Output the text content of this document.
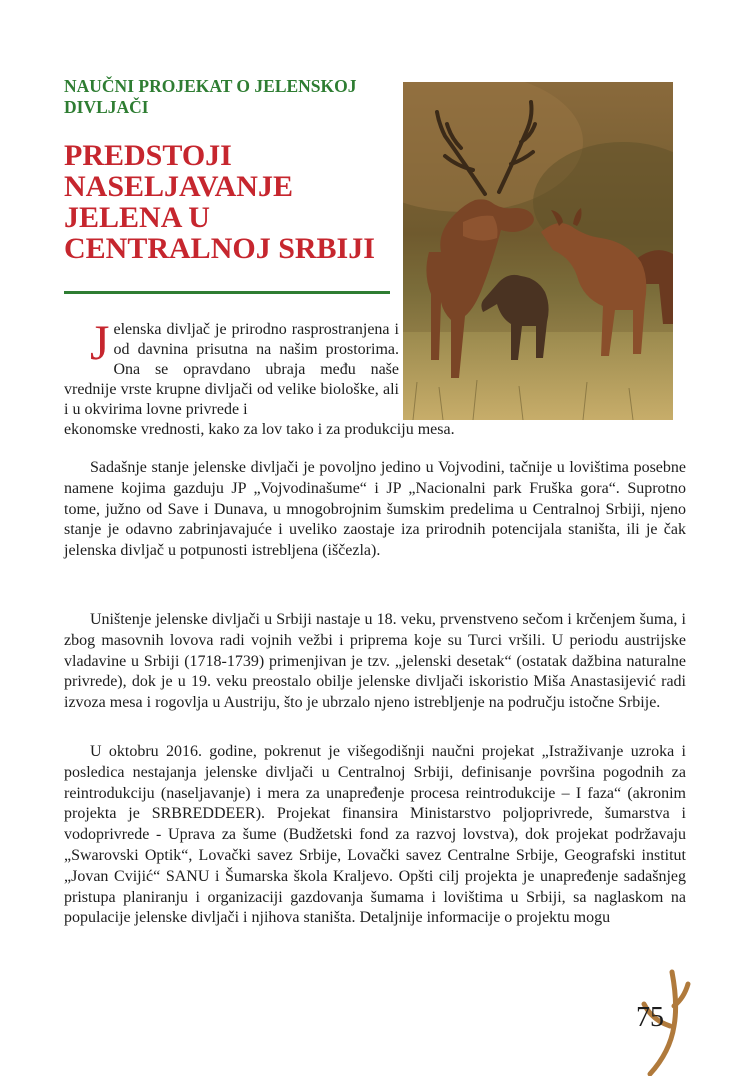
NAUČNI PROJEKAT O JELENSKOJ DIVLJAČI

PREDSTOJI NASELJAVANJE JELENA U CENTRALNOJ SRBIJI

Jelenska divljač je prirodno rasprostranjena i od davnina prisutna na našim prostorima. Ona se opravdano ubraja među naše vrednije vrste krupne divljači od velike biološke, ali i u okvirima lovne privrede i

ekonomske vrednosti, kako za lov tako i za produkciju mesa.

Sadašnje stanje jelenske divljači je povoljno jedino u Vojvodini, tačnije u lovištima posebne namene kojima gazduju JP „Vojvodinašume“ i JP „Nacionalni park Fruška gora“. Suprotno tome, južno od Save i Dunava, u mnogobrojnim šumskim predelima u Centralnoj Srbiji, njeno stanje je odavno zabrinjavajuće i uveliko zaostaje iza prirodnih potencijala staništa, ili je čak jelenska divljač u potpunosti istrebljena (iščezla).

Uništenje jelenske divljači u Srbiji nastaje u 18. veku, prvenstveno sečom i krčenjem šuma, i zbog masovnih lovova radi vojnih vežbi i priprema koje su Turci vršili. U periodu austrijske vladavine u Srbiji (1718-1739) primenjivan je tzv. „jelenski desetak“ (ostatak dažbina naturalne privrede), dok je u 19. veku preostalo obilje jelenske divljači iskoristio Miša Anastasijević radi izvoza mesa i rogovlja u Austriju, što je ubrzalo njeno istrebljenje na području istočne Srbije.

U oktobru 2016. godine, pokrenut je višegodišnji naučni projekat „Istraživanje uzroka i posledica nestajanja jelenske divljači u Centralnoj Srbiji, definisanje površina pogodnih za reintrodukciju (naseljavanje) i mera za unapređenje procesa reintrodukcije – I faza“ (akronim projekta je SRBREDDEER). Projekat finansira Ministarstvo poljoprivrede, šumarstva i vodoprivrede - Uprava za šume (Budžetski fond za razvoj lovstva), dok projekat podržavaju „Swarovski Optik“, Lovački savez Srbije, Lovački savez Centralne Srbije, Geografski institut „Jovan Cvijić“ SANU i Šumarska škola Kraljevo. Opšti cilj projekta je unapređenje sadašnjeg pristupa planiranju i organizaciji gazdovanja šumama i lovištima u Srbiji, sa naglaskom na populacije jelenske divljači i njihova staništa. Detaljnije informacije o projektu mogu

75
